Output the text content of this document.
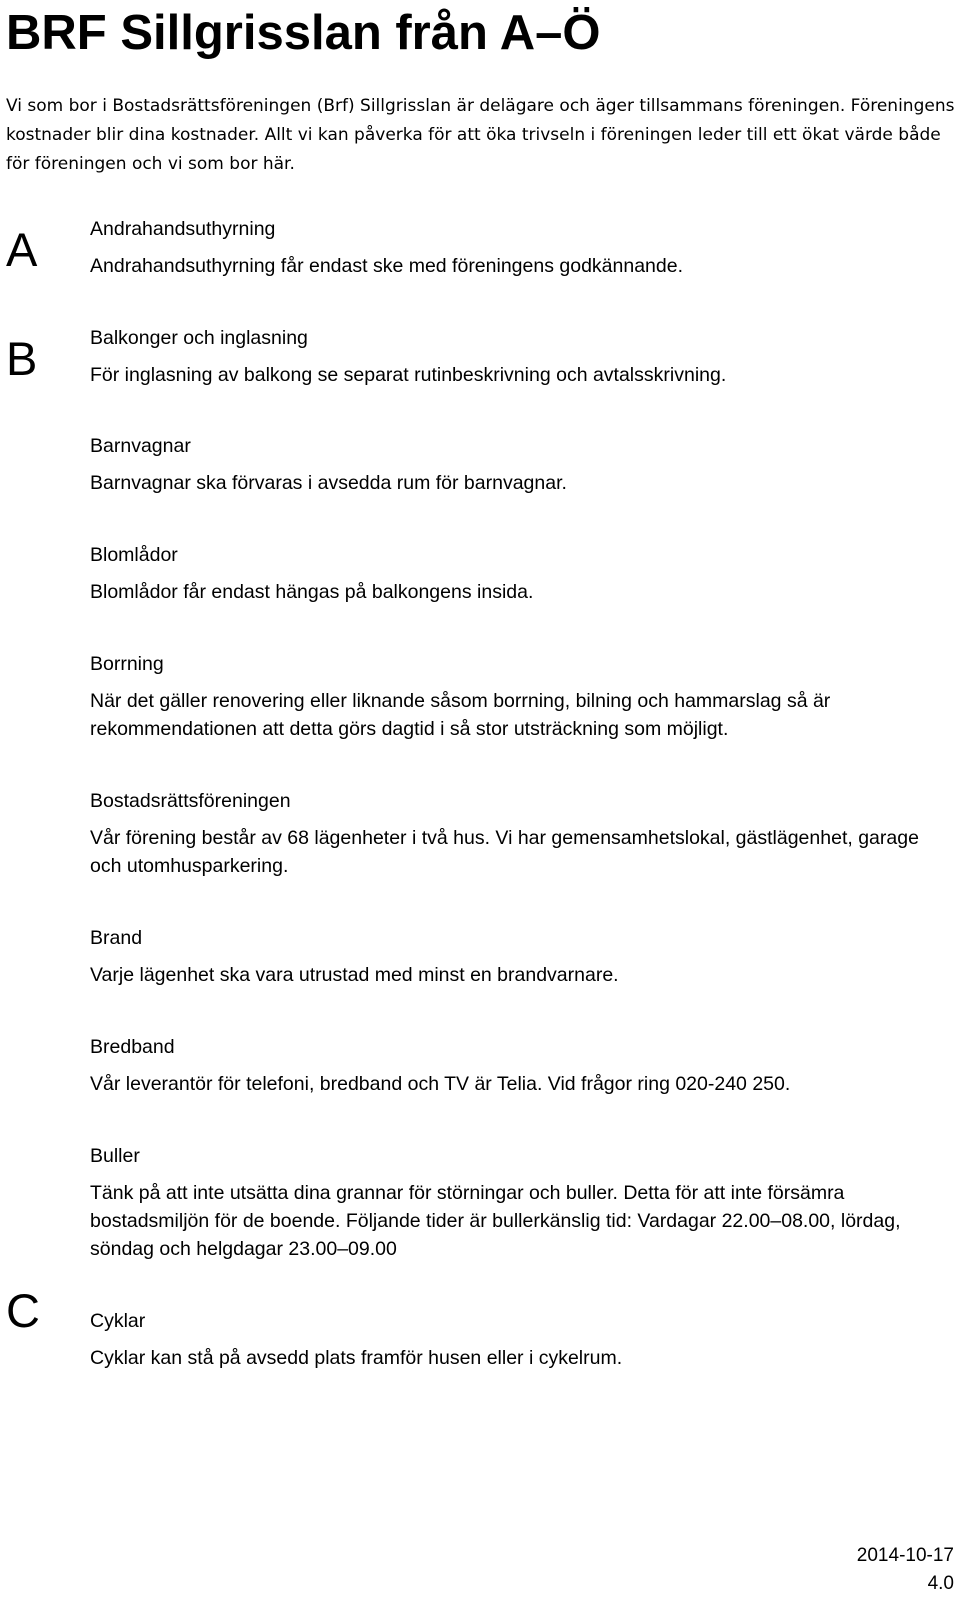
BRF Sillgrisslan från A–Ö

Vi som bor i Bostadsrättsföreningen (Brf) Sillgrisslan är delägare och äger tillsammans föreningen. Föreningens kostnader blir dina kostnader. Allt vi kan påverka för att öka trivseln i föreningen leder till ett ökat värde både för föreningen och vi som bor här.

A
B
C

Andrahandsuthyrning

Andrahandsuthyrning får endast ske med föreningens godkännande.

Balkonger och inglasning

För inglasning av balkong se separat rutinbeskrivning och avtalsskrivning.

Barnvagnar

Barnvagnar ska förvaras i avsedda rum för barnvagnar.

Blomlådor

Blomlådor får endast hängas på balkongens insida.

Borrning

När det gäller renovering eller liknande såsom borrning, bilning och hammarslag så är rekommendationen att detta görs dagtid i så stor utsträckning som möjligt.

Bostadsrättsföreningen

Vår förening består av 68 lägenheter i två hus. Vi har gemensamhetslokal, gästlägenhet, garage och utomhusparkering.

Brand

Varje lägenhet ska vara utrustad med minst en brandvarnare.

Bredband

Vår leverantör för telefoni, bredband och TV är Telia. Vid frågor ring 020-240 250.

Buller

Tänk på att inte utsätta dina grannar för störningar och buller. Detta för att inte försämra bostadsmiljön för de boende. Följande tider är bullerkänslig tid: Vardagar 22.00–08.00, lördag, söndag och helgdagar 23.00–09.00

Cyklar

Cyklar kan stå på avsedd plats framför husen eller i cykelrum.

2014-10-17
4.0
